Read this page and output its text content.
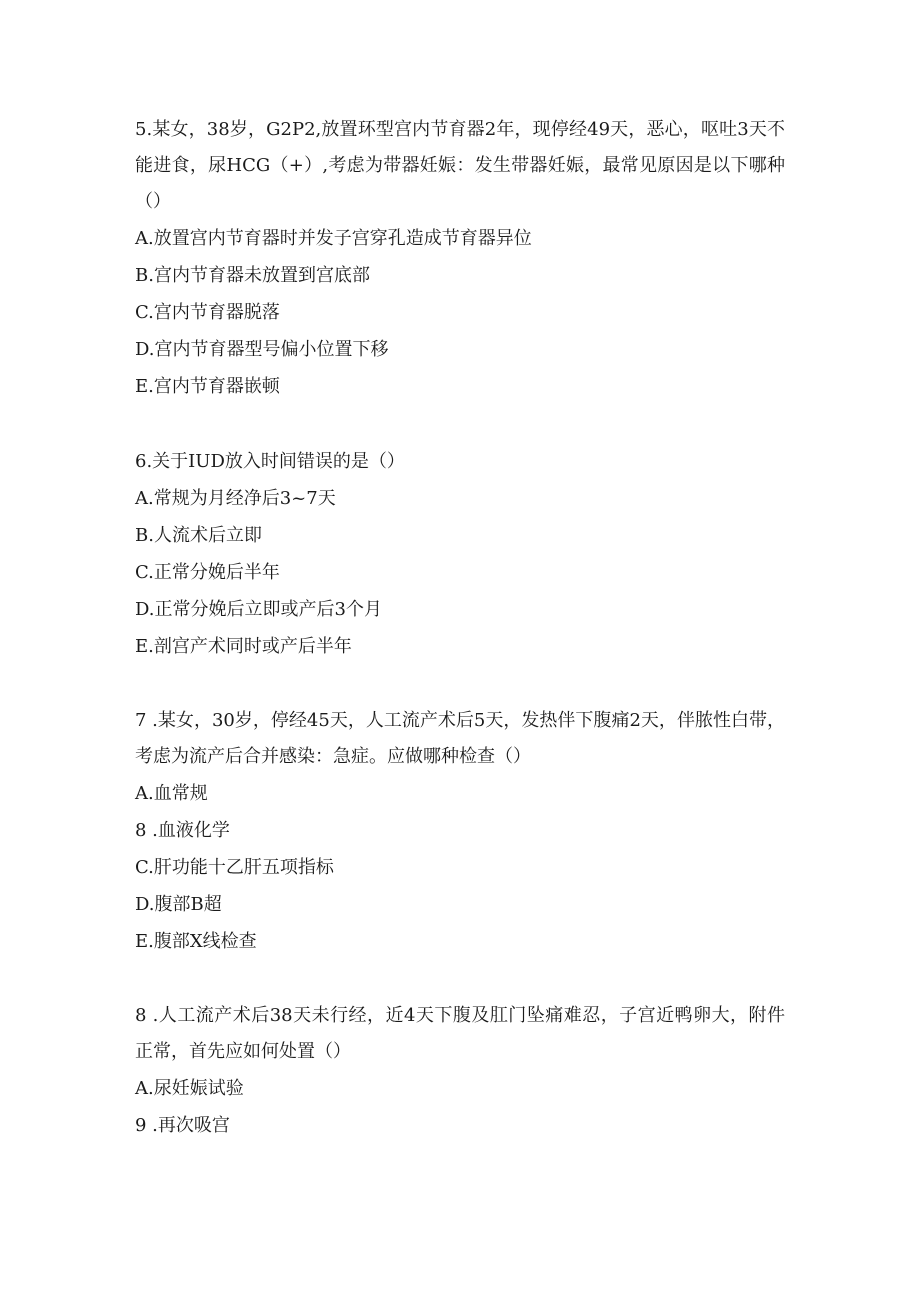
5.某女，38岁，G2P2,放置环型宫内节育器2年，现停经49天，恶心，呕吐3天不能进食，尿HCG（+）,考虑为带器妊娠：发生带器妊娠，最常见原因是以下哪种（）

A.放置宫内节育器时并发子宫穿孔造成节育器异位

B.宫内节育器未放置到宫底部

C.宫内节育器脱落

D.宫内节育器型号偏小位置下移

E.宫内节育器嵌顿

6.关于IUD放入时间错误的是（）

A.常规为月经净后3~7天

B.人流术后立即

C.正常分娩后半年

D.正常分娩后立即或产后3个月

E.剖宫产术同时或产后半年

7 .某女，30岁，停经45天，人工流产术后5天，发热伴下腹痛2天，伴脓性白带，考虑为流产后合并感染：急症。应做哪种检查（）

A.血常规

8 .血液化学

C.肝功能十乙肝五项指标

D.腹部B超

E.腹部X线检查

8 .人工流产术后38天未行经，近4天下腹及肛门坠痛难忍，子宫近鸭卵大，附件正常，首先应如何处置（）

A.尿妊娠试验

9 .再次吸宫
